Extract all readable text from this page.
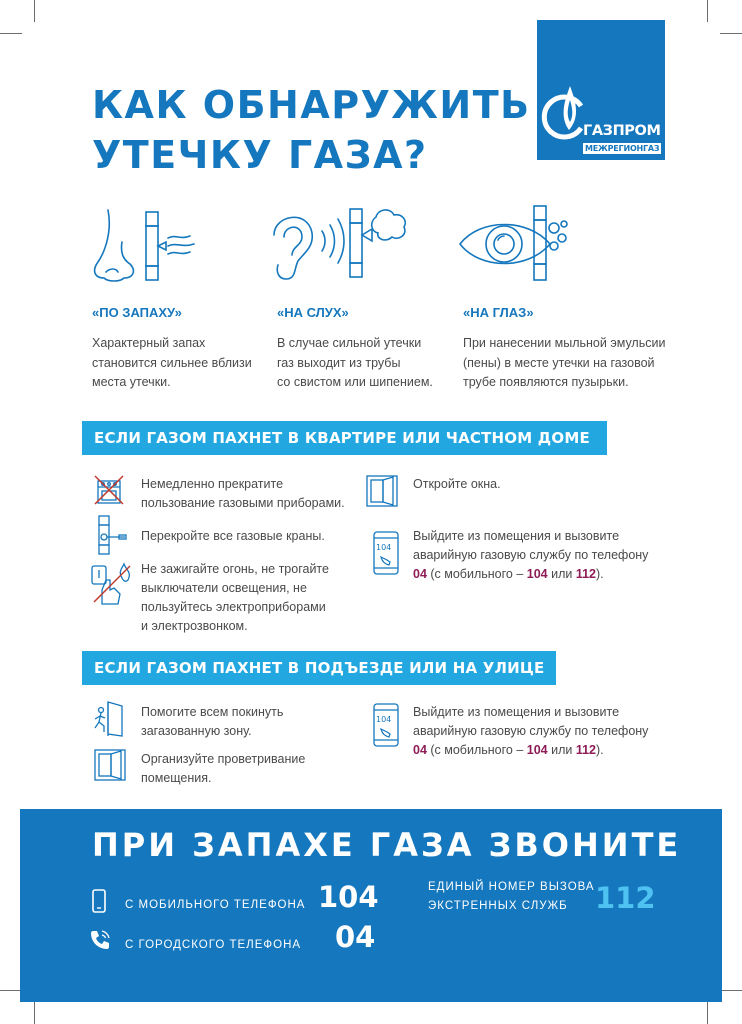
КАК ОБНАРУЖИТЬ
УТЕЧКУ ГАЗА?
ГАЗПРОМ
МЕЖРЕГИОНГАЗ
«ПО ЗАПАХУ»	«НА СЛУХ»	«НА ГЛАЗ»

Характерный запах
становится сильнее вблизи
места утечки.

В случае сильной утечки
газ выходит из трубы
со свистом или шипением.

При нанесении мыльной эмульсии
(пены) в месте утечки на газовой
трубе появляются пузырьки.

ЕСЛИ ГАЗОМ ПАХНЕТ В КВАРТИРЕ ИЛИ ЧАСТНОМ ДОМЕ
104

Немедленно прекратите
пользование газовыми приборами.

Перекройте все газовые краны.

Не зажигайте огонь, не трогайте
выключатели освещения, не
пользуйтесь электроприборами
и электрозвонком.

Откройте окна.

Выйдите из помещения и вызовите
аварийную газовую службу по телефону
04 (с мобильного – 104 или 112).

ЕСЛИ ГАЗОМ ПАХНЕТ В ПОДЪЕЗДЕ ИЛИ НА УЛИЦЕ
104

Помогите всем покинуть
загазованную зону.

Организуйте проветривание
помещения.

Выйдите из помещения и вызовите
аварийную газовую службу по телефону
04 (с мобильного – 104 или 112).

ПРИ ЗАПАХЕ ГАЗА ЗВОНИТЕ
С МОБИЛЬНОГО ТЕЛЕФОНА 104
С ГОРОДСКОГО ТЕЛЕФОНА 04
ЕДИНЫЙ НОМЕР ВЫЗОВА
ЭКСТРЕННЫХ СЛУЖБ 112
